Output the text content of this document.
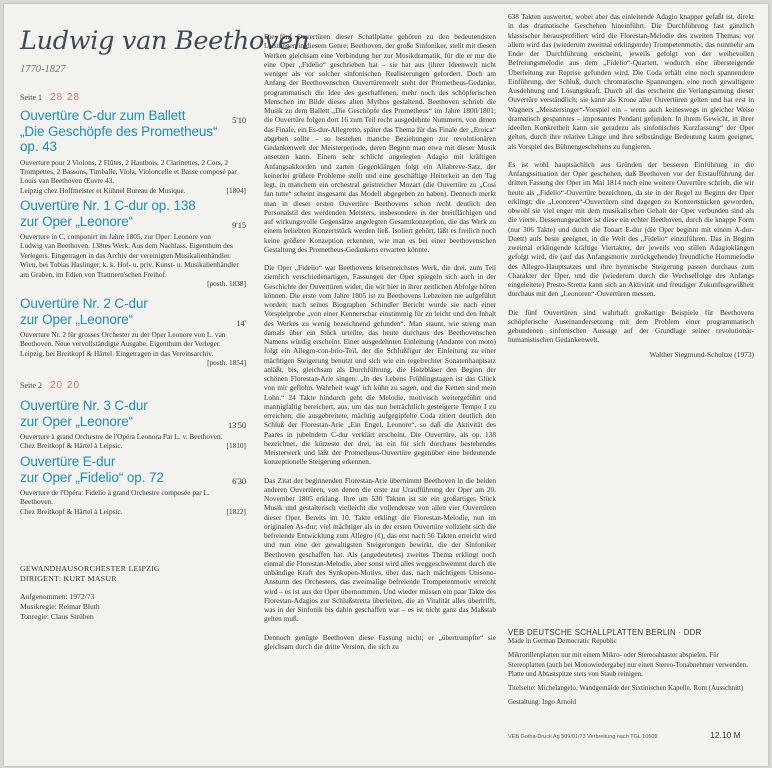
Ludwig van Beethoven
1770-1827
Seite 1 28 28
5'10
Ouvertüre C-dur zum Ballett
„Die Geschöpfe des Prometheus“
op. 43
Ouverture pour 2 Violons, 2 Flûtes, 2 Hautbois, 2 Clarinettes, 2 Cors, 2 Trompettes, 2 Bassons, Timballe, Viola, Violoncelle et Basse composé par Louis van Beethoven Œuvre 43.
[1804]
Leipzig chez Hoffmeister et Kühnel Bureau de Musique.
9'15
Ouvertüre Nr. 1 C-dur op. 138
zur Oper „Leonore“
Ouverture in C, componirt im Jahre 1805, zur Oper: Leonore von Ludwig van Beethoven. 138tes Werk. Aus dem Nachlass. Eigenthum des Verlegers. Eingetragen in das Archiv der vereinigten Musikalienhändler.
Wien, bei Tobias Haslinger, k. k. Hof- u. priv. Kunst- u. Musikalienhändler am Graben, im Edlen von Trattnern'schen Freihof.
[posth. 1838]
14'
Ouvertüre Nr. 2 C-dur
zur Oper „Leonore“
Ouverture Nr. 2 für grosses Orchester zu der Oper Leonore von L. van Beethoven. Neue vervollständigte Ausgabe. Eigenthum der Verleger.
Leipzig, bei Breitkopf & Härtel. Eingetragen in das Vereinsarchiv.
[posth. 1854]
Seite 2 20 20
13'50
Ouvertüre Nr. 3 C-dur
zur Oper „Leonore“
Ouverture à grand Orchestre de l'Opéra Leonora Par L. v. Beethoven.
[1810]
Chez Breitkopf & Härtel à Leipsic.
6'30
Ouvertüre E-dur
zur Oper „Fidelio“ op. 72
Ouverture de l'Opéra: Fidelio à grand Orchestre composée par L. Beethoven.
[1822]
Chez Breitkopf & Härtel à Leipsic.
GEWANDHAUSORCHESTER LEIPZIG
DIRIGENT: KURT MASUR
Aufgenommen: 1972/73
Musikregie: Reimar Bluth
Tonregie: Claus Strüben

Die fünf Ouvertüren dieser Schallplatte gehören zu den bedeutendsten Leistungen in diesem Genre; Beethoven, der große Sinfoniker, stellt mit diesen Werken gleichsam eine Verbindung her zur Musikdramatik, für die er nur die eine Oper „Fidelio“ geschrieben hat – sie hat aus (ihrer Ideenwelt nicht weniger als vor solcher sinfonischen Realisierungen gefordert. Doch am Anfang der Beethovenschen Ouvertürenwelt steht der Prometheus-Gedanke, programmatisch die Idee des geschaffenen, mehr noch des schöpferischen Menschen im Bilde dieses alten Mythos gestaltend. Beethoven schrieb die Musik zu dem Ballett „Die Geschöpfe des Prometheus“ im Jahre 1800/1801; die Ouvertüre folgen dort 16 zum Teil recht ausgedehnte Nummern, von denen das Finale, ein Es-dur-Allegretto, später das Thema für das Finale der „Eroica“ abgeben sollte – so bestehen manche Beziehungen zur revolutionären Gedankenwelt der Meisterperiode, deren Beginn man etwa mit dieser Musik ansetzen kann. Einem sehr schlicht angelegten Adagio mit kräftigen Anfangsakkorden und zarten Gegenklängen folgt ein Allabreve-Satz, der keinerlei größere Probleme stellt und eine geschäftige Heiterkeit an den Tag legt, in manchem ein orchestral geistreicher Mozart (die Ouvertüre zu „Cosi fan tutte“ scheint insgesamt das Modell abgegeben zu haben). Dennoch merkt man in dieser ersten Ouvertüre Beethovens schon recht deutlich den Personalstil des werdenden Meisters, insbesondere in der breitflächigen und auf wirkungsvolle Gegensätze angelegten Gesamtkonzeption, die das Werk zu einem beliebten Konzertstück werden ließ. Isoliert gehört, läßt es freilich noch keine größere Konzeption erkennen, wie man es bei einer beethovenschen Gestaltung des Prometheus-Gedankens erwarten könnte.

Die Oper „Fidelio“ war Beethovens krisenreichstes Werk, die drei, zum Teil ziemlich verschiedenartigen, Fassungen der Oper spiegeln sich auch in der Geschichte der Ouvertüren wider, die wir hier in ihrer zeitlichen Abfolge hören können. Die erste vom Jahre 1805 ist zu Beethovens Lebzeiten nie aufgeführt worden; nach seines Biographen Schindler Bericht wurde sie nach einer Vorspielprobe „von einer Kennerschar einstimmig für zu leicht und den Inhalt des Werkes zu wenig bezeichnend gefunden“. Man staunt, wie streng man damals über ein Stück urteilte, das heute durchaus des Beethovenschen Namens würdig erscheint. Einer ausgedehnten Einleitung (Andante con moto) folgt ein Allegro-con-brio-Teil, der die Schlußfigur der Einleitung zu einer mächtigen Steigerung benutzt und sich wie ein regelrechter Sonatenhauptsatz anläßt, bis, gleichsam als Durchführung, die Holzbläser den Beginn der schönen Florestan-Arie singen: „In des Lebens Frühlingstagen ist das Glück von mir geflohn. Wahrheit wagt' ich kühn zu sagen, und die Ketten sind mein Lohn.“ 24 Takte hindurch geht die Melodie, motivisch weitergeführt und mannigfaltig bereichert, aus, um das nun beträchtlich gesteigerte Tempo I zu erreichen; die ausgebreitete, mächtig aufgegipfelte Coda zitiert deutlich den Schluß der Florestan-Arie „Ein Engel, Leonore“, so daß die Aktivität des Paares in jubelndem C-dur verklärt erscheint. Die Ouvertüre, als op. 138 bezeichnet, die kürzeste der drei, ist ein für sich durchaus bestehendes Meisterwerk und läßt der Prometheus-Ouvertüre gegenüber eine bedeutende konzeptionelle Steigerung erkennen.

Das Zitat der beginnenden Florestan-Arie übernimmt Beethoven in die beiden anderen Ouvertüren, von denen die erste zur Uraufführung der Oper am 20. November 1805 erklang. Ihre um 530 Takten ist sie ein großartiges Stück Musik und gestalterisch vielleicht die vollendetste von allen vier Ouvertüren dieser Oper. Bereits im 10. Takte erklingt die Florestan-Melodie, nun im originalen As-dur; viel mächtiger als in der ersten Ouvertüre vollzieht sich die befreiende Entwicklung zum Allegro (¢), das erst nach 56 Takten erreicht wird und nun eine der gewaltigsten Steigerungen bewirkt, die der Sinfoniker Beethoven geschaffen hat. Als (angedeutetes) zweites Thema erklingt noch einmal die Florestan-Melodie, aber sonst wird alles weggeschwemmt durch die unbändige Kraft des Synkopen-Motivs, über das, nach mächtigem Unisono-Ansturm des Orchesters, das zweimalige befreiende Trompetenmotiv erreicht wird – es ist aus der Oper übernommen. Und wieder müssen ein paar Takte des Florestan-Adagios zur Schlußstretta überleiten, die an Vitalität alles übertrifft, was in der Sinfonik bis dahin geschaffen war – es ist nicht ganz das Maßstab gelten muß.

Dennoch genügte Beethoven diese Fassung nicht; er „übertrumpfte“ sie gleichsam durch die dritte Version, die sich zu

638 Takten auswertet, wobei aber das einleitende Adagio knapper gefaßt ist, direkt in das dramatische Geschehen hineinführt. Die Durchführung fast gänzlich klassischer herausprofiliert wird die Florestan-Melodie des zweiten Themas; vor allem wird das (wiederum zweimal erklingende) Trompetenmotiv, das nunmehr am Ende der Durchführung erscheint, jeweils gefolgt von der weihevollen Befreiungsmelodie aus dem „Fidelio“-Quartett, wodurch eine übersteigende Überleitung zur Reprise gefunden wird. Die Coda erhält eine noch spannendere Einführung, der Schluß, durch chromatische Spannungen, eine noch gewaltigere Ausdehnung und Lösungskraft. Durch all das erscheint die Verlangsamung dieser Ouvertüre verständlich; sie kann als Krone aller Ouvertüren gelten und hat erst in Wagners „Meistersinger“-Vorspiel ein – wenn auch keineswegs in gleicher Weise dramatisch gespanntes – imposantes Pendant gefunden. In ihrem Gewicht, in ihrer ideellen Konkretheit kann sie geradezu als sinfonisches Kurzfassung“ der Oper gelten, durch ihre relative Länge und ihre selbständige Bedeutung kaum geeignet, als Vorspiel des Bühnengeschehens zu fungieren.

Es ist wohl hauptsächlich aus Gründen der besseren Einführung in die Anfangssituation der Oper geschehen, daß Beethoven vor der Erstaufführung der dritten Fassung der Oper im Mai 1814 noch eine weitere Ouvertüre schrieb, die wir heute als „Fidelio“-Ouvertüre bezeichnen, da sie in der Regel zu Beginn der Oper erklingt; die „Leonoren“-Ouvertüren sind dagegen zu Konzertstücken geworden, obwohl sie viel enger mit dem musikalischen Gehalt der Oper verbunden sind als die vierte. Dessenungeachtet ist diese ein echter Beethoven, durch die knappe Form (nur 306 Takte) und durch die Tonart E-dur (die Oper beginnt mit einem A-dur-Duett) aufs beste geeignet, in die Welt des „Fidelio“ einzuführen. Das in Beginn zweimal erklingende kräftige Viertakter, der jeweils von stillen Adagioklängen gefolgt wird, die (auf das Anfangsmotiv zurückgehende) freundliche Hornmelodie des Allegro-Hauptsatzes und ihre hymnische Steigerung passen durchaus zum Charakter der Oper, und die (wiederum durch die Wechselfolge des Anfangs eingeleitete) Presto-Stretta kann sich an Aktivität und freudiger Zukunftsgewißheit durchaus mit den „Leonoren“-Ouvertüren messen.

Die fünf Ouvertüren sind wahrhaft großartige Beispiele für Beethovens schöpferische Auseinandersetzung mit dem Problem einer programmatisch gebundenen sinfonischen Aussage auf der Grundlage seiner revolutionär-humanistischen Gedankenwelt.

Walther Siegmund-Schultze (1973)
VEB DEUTSCHE SCHALLPLATTEN BERLIN · DDR

Made in German Democratic Republic

Mikrorillenplatten nur mit einem Mikro- oder Stereoabtaster abspielen. Für Stereoplatten (auch bei Monowiedergabe) nur einen Stereo-Tonabnehmer verwenden. Platte und Abtastspitze stets von Staub reinigen.

Titelseite: Michelangelo, Wandgemälde der Sixtinischen Kapelle, Rom (Ausschnitt)

Gestaltung: Ingo Arnold

VEB Gotha-Druck Ag 509/01/73 Verbreitung nach TGL 10609	12.10 M
